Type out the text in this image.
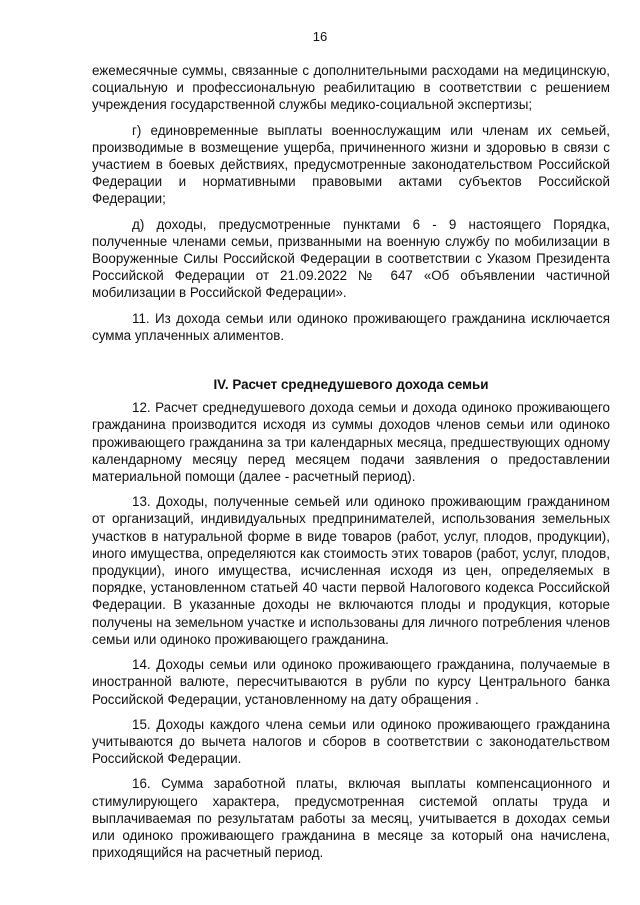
16

ежемесячные суммы, связанные с дополнительными расходами на медицинскую, социальную и профессиональную реабилитацию в соответствии с решением учреждения государственной службы медико-социальной экспертизы;

г) единовременные выплаты военнослужащим или членам их семьей, производимые в возмещение ущерба, причиненного жизни и здоровью в связи с участием в боевых действиях, предусмотренные законодательством Российской Федерации и нормативными правовыми актами субъектов Российской Федерации;

д) доходы, предусмотренные пунктами 6 - 9 настоящего Порядка, полученные членами семьи, призванными на военную службу по мобилизации в Вооруженные Силы Российской Федерации в соответствии с Указом Президента Российской Федерации от 21.09.2022 № 647 «Об объявлении частичной мобилизации в Российской Федерации».

11. Из дохода семьи или одиноко проживающего гражданина исключается сумма уплаченных алиментов.

IV. Расчет среднедушевого дохода семьи

12. Расчет среднедушевого дохода семьи и дохода одиноко проживающего гражданина производится исходя из суммы доходов членов семьи или одиноко проживающего гражданина за три календарных месяца, предшествующих одному календарному месяцу перед месяцем подачи заявления о предоставлении материальной помощи (далее - расчетный период).

13. Доходы, полученные семьей или одиноко проживающим гражданином от организаций, индивидуальных предпринимателей, использования земельных участков в натуральной форме в виде товаров (работ, услуг, плодов, продукции), иного имущества, определяются как стоимость этих товаров (работ, услуг, плодов, продукции), иного имущества, исчисленная исходя из цен, определяемых в порядке, установленном статьей 40 части первой Налогового кодекса Российской Федерации. В указанные доходы не включаются плоды и продукция, которые получены на земельном участке и использованы для личного потребления членов семьи или одиноко проживающего гражданина.

14. Доходы семьи или одиноко проживающего гражданина, получаемые в иностранной валюте, пересчитываются в рубли по курсу Центрального банка Российской Федерации, установленному на дату обращения .

15. Доходы каждого члена семьи или одиноко проживающего гражданина учитываются до вычета налогов и сборов в соответствии с законодательством Российской Федерации.

16. Сумма заработной платы, включая выплаты компенсационного и стимулирующего характера, предусмотренная системой оплаты труда и выплачиваемая по результатам работы за месяц, учитывается в доходах семьи или одиноко проживающего гражданина в месяце за который она начислена, приходящийся на расчетный период.
